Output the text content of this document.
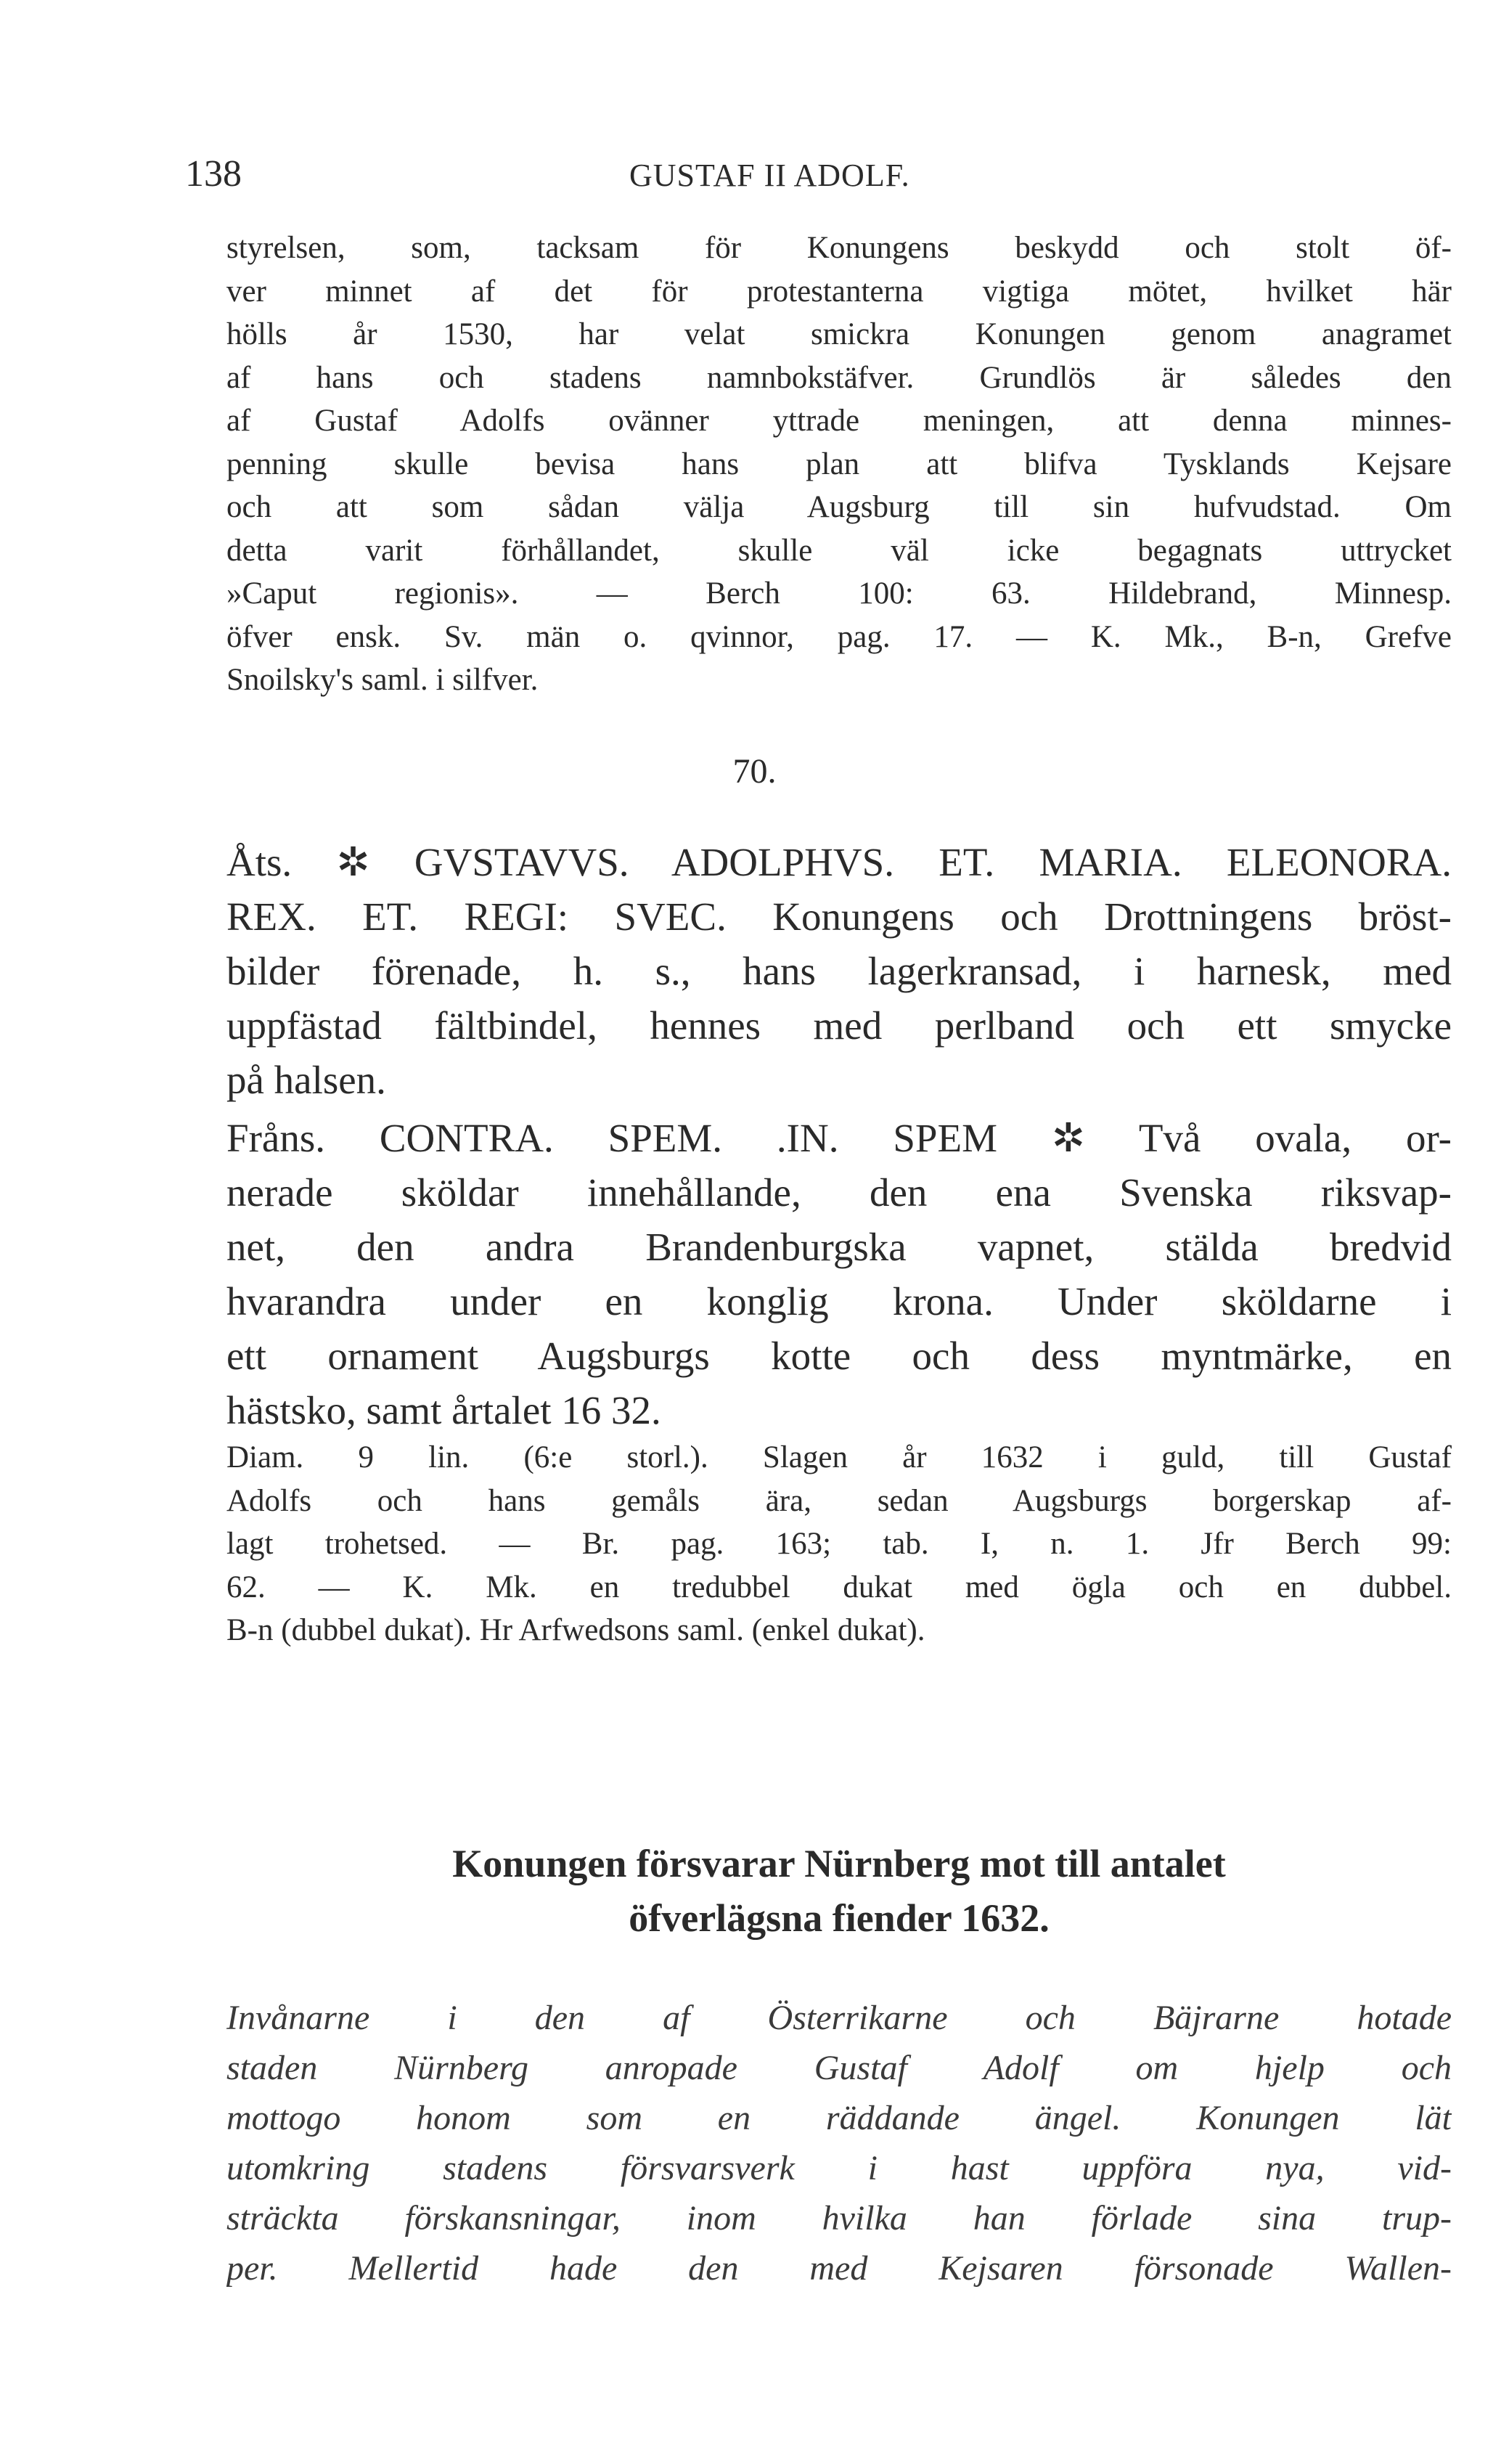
138	GUSTAF II ADOLF.
styrelsen, som, tacksam för Konungens beskydd och stolt öf-
ver minnet af det för protestanterna vigtiga mötet, hvilket här
hölls år 1530, har velat smickra Konungen genom anagramet
af hans och stadens namnbokstäfver. Grundlös är således den
af Gustaf Adolfs ovänner yttrade meningen, att denna minnes-
penning skulle bevisa hans plan att blifva Tysklands Kejsare
och att som sådan välja Augsburg till sin hufvudstad. Om
detta varit förhållandet, skulle väl icke begagnats uttrycket
»Caput regionis». — Berch 100: 63. Hildebrand, Minnesp.
öfver ensk. Sv. män o. qvinnor, pag. 17. — K. Mk., B-n, Grefve
Snoilsky's saml. i silfver.
70.
Åts. ✲ GVSTAVVS. ADOLPHVS. ET. MARIA. ELEONORA.
REX. ET. REGI: SVEC. Konungens och Drottningens bröst-
bilder förenade, h. s., hans lagerkransad, i harnesk, med
uppfästad fältbindel, hennes med perlband och ett smycke
på halsen.
Fråns. CONTRA. SPEM. .IN. SPEM ✲ Två ovala, or-
nerade sköldar innehållande, den ena Svenska riksvap-
net, den andra Brandenburgska vapnet, stälda bredvid
hvarandra under en konglig krona. Under sköldarne i
ett ornament Augsburgs kotte och dess myntmärke, en
hästsko, samt årtalet 16 32.
Diam. 9 lin. (6:e storl.). Slagen år 1632 i guld, till Gustaf
Adolfs och hans gemåls ära, sedan Augsburgs borgerskap af-
lagt trohetsed. — Br. pag. 163; tab. I, n. 1. Jfr Berch 99:
62. — K. Mk. en tredubbel dukat med ögla och en dubbel.
B-n (dubbel dukat). Hr Arfwedsons saml. (enkel dukat).
Konungen försvarar Nürnberg mot till antalet
öfverlägsna fiender 1632.
Invånarne i den af Österrikarne och Bäjrarne hotade
staden Nürnberg anropade Gustaf Adolf om hjelp och
mottogo honom som en räddande ängel. Konungen lät
utomkring stadens försvarsverk i hast uppföra nya, vid-
sträckta förskansningar, inom hvilka han förlade sina trup-
per. Mellertid hade den med Kejsaren försonade Wallen-
